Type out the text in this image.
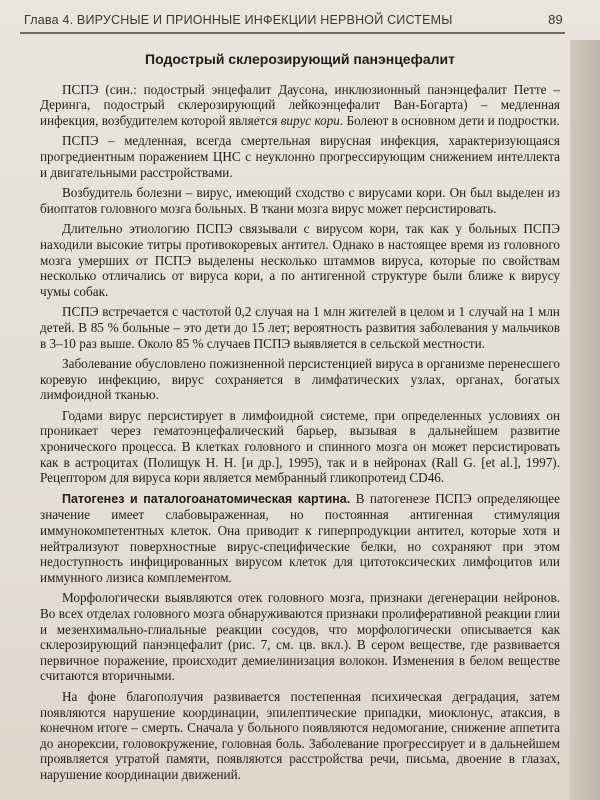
Глава 4. ВИРУСНЫЕ И ПРИОННЫЕ ИНФЕКЦИИ НЕРВНОЙ СИСТЕМЫ	89
Подострый склерозирующий панэнцефалит

ПСПЭ (син.: подострый энцефалит Даусона, инклюзионный панэнцефалит Петте – Деринга, подострый склерозирующий лейкоэнцефалит Ван-Богарта) – медленная инфекция, возбудителем которой является вирус кори. Болеют в основном дети и подростки.

ПСПЭ – медленная, всегда смертельная вирусная инфекция, характеризующаяся прогредиентным поражением ЦНС с неуклонно прогрессирующим снижением интеллекта и двигательными расстройствами.

Возбудитель болезни – вирус, имеющий сходство с вирусами кори. Он был выделен из биоптатов головного мозга больных. В ткани мозга вирус может персистировать.

Длительно этиологию ПСПЭ связывали с вирусом кори, так как у больных ПСПЭ находили высокие титры противокоревых антител. Однако в настоящее время из головного мозга умерших от ПСПЭ выделены несколько штаммов вируса, которые по свойствам несколько отличались от вируса кори, а по антигенной структуре были ближе к вирусу чумы собак.

ПСПЭ встречается с частотой 0,2 случая на 1 млн жителей в целом и 1 случай на 1 млн детей. В 85 % больные – это дети до 15 лет; вероятность развития заболевания у мальчиков в 3–10 раз выше. Около 85 % случаев ПСПЭ выявляется в сельской местности.

Заболевание обусловлено пожизненной персистенцией вируса в организме перенесшего коревую инфекцию, вирус сохраняется в лимфатических узлах, органах, богатых лимфоидной тканью.

Годами вирус персистирует в лимфоидной системе, при определенных условиях он проникает через гематоэнцефалический барьер, вызывая в дальнейшем развитие хронического процесса. В клетках головного и спинного мозга он может персистировать как в астроцитах (Полищук Н. Н. [и др.], 1995), так и в нейронах (Rall G. [et al.], 1997). Рецептором для вируса кори является мембранный гликопротеид CD46.

Патогенез и паталогоанатомическая картина. В патогенезе ПСПЭ определяющее значение имеет слабовыраженная, но постоянная антигенная стимуляция иммунокомпетентных клеток. Она приводит к гиперпродукции антител, которые хотя и нейтрализуют поверхностные вирус-специфические белки, но сохраняют при этом недоступность инфицированных вирусом клеток для цитотоксических лимфоцитов или иммунного лизиса комплементом.

Морфологически выявляются отек головного мозга, признаки дегенерации нейронов. Во всех отделах головного мозга обнаруживаются признаки пролиферативной реакции глии и мезенхимально-глиальные реакции сосудов, что морфологически описывается как склерозирующий панэнцефалит (рис. 7, см. цв. вкл.). В сером веществе, где развивается первичное поражение, происходит демиелинизация волокон. Изменения в белом веществе считаются вторичными.

На фоне благополучия развивается постепенная психическая деградация, затем появляются нарушение координации, эпилептические припадки, миоклонус, атаксия, в конечном итоге – смерть. Сначала у больного появляются недомогание, снижение аппетита до анорексии, головокружение, головная боль. Заболевание прогрессирует и в дальнейшем проявляется утратой памяти, появляются расстройства речи, письма, двоение в глазах, нарушение координации движений.
